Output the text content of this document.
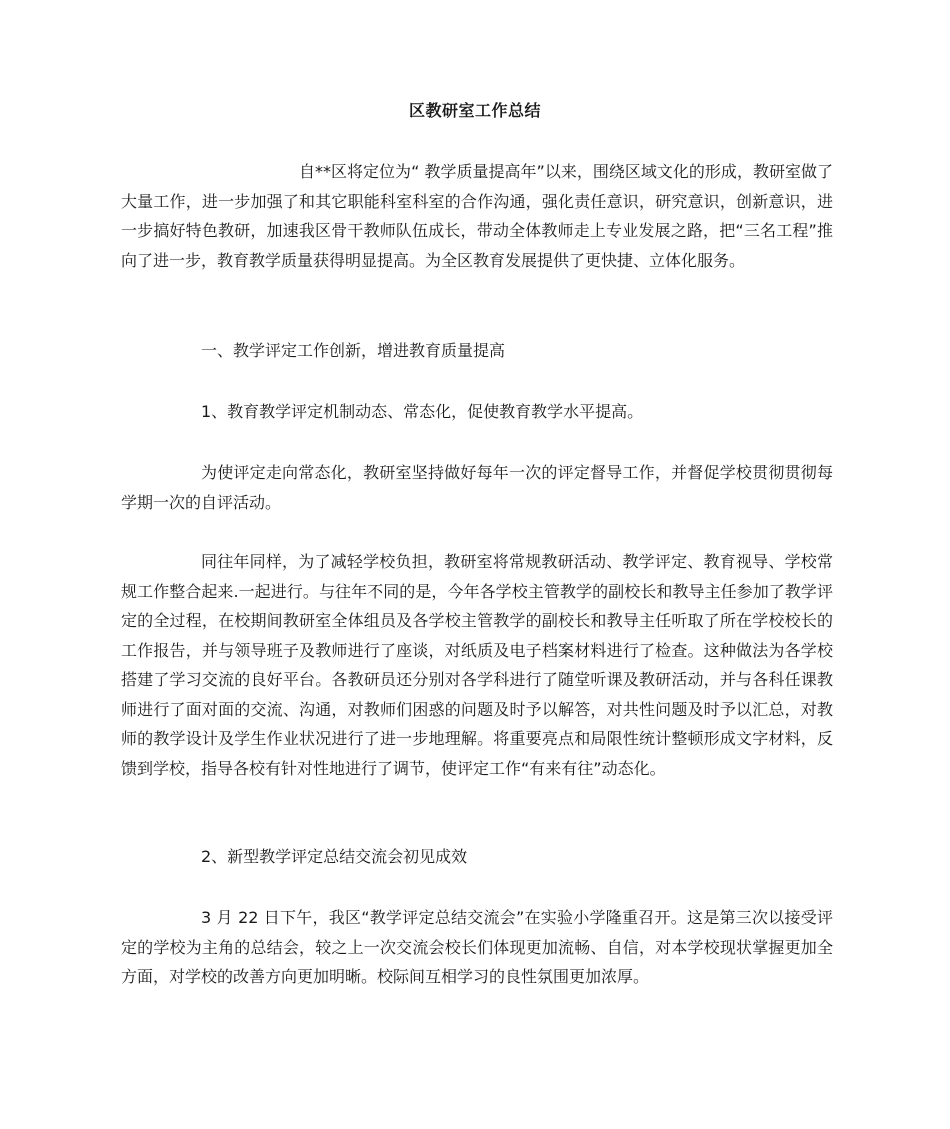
区教研室工作总结

自**区将定位为“ 教学质量提高年”以来，围绕区域文化的形成，教研室做了大量工作，进一步加强了和其它职能科室科室的合作沟通，强化责任意识，研究意识，创新意识，进一步搞好特色教研，加速我区骨干教师队伍成长，带动全体教师走上专业发展之路，把“三名工程”推向了进一步，教育教学质量获得明显提高。为全区教育发展提供了更快捷、立体化服务。

一、教学评定工作创新，增进教育质量提高

1、教育教学评定机制动态、常态化，促使教育教学水平提高。

为使评定走向常态化，教研室坚持做好每年一次的评定督导工作，并督促学校贯彻贯彻每学期一次的自评活动。

同往年同样，为了减轻学校负担，教研室将常规教研活动、教学评定、教育视导、学校常规工作整合起来.一起进行。与往年不同的是，今年各学校主管教学的副校长和教导主任参加了教学评定的全过程，在校期间教研室全体组员及各学校主管教学的副校长和教导主任听取了所在学校校长的工作报告，并与领导班子及教师进行了座谈，对纸质及电子档案材料进行了检查。这种做法为各学校搭建了学习交流的良好平台。各教研员还分别对各学科进行了随堂听课及教研活动，并与各科任课教师进行了面对面的交流、沟通，对教师们困惑的问题及时予以解答，对共性问题及时予以汇总，对教师的教学设计及学生作业状况进行了进一步地理解。将重要亮点和局限性统计整顿形成文字材料，反馈到学校，指导各校有针对性地进行了调节，使评定工作“有来有往”动态化。

2、新型教学评定总结交流会初见成效

3 月 22 日下午，我区“教学评定总结交流会”在实验小学隆重召开。这是第三次以接受评定的学校为主角的总结会，较之上一次交流会校长们体现更加流畅、自信，对本学校现状掌握更加全方面，对学校的改善方向更加明晰。校际间互相学习的良性氛围更加浓厚。
